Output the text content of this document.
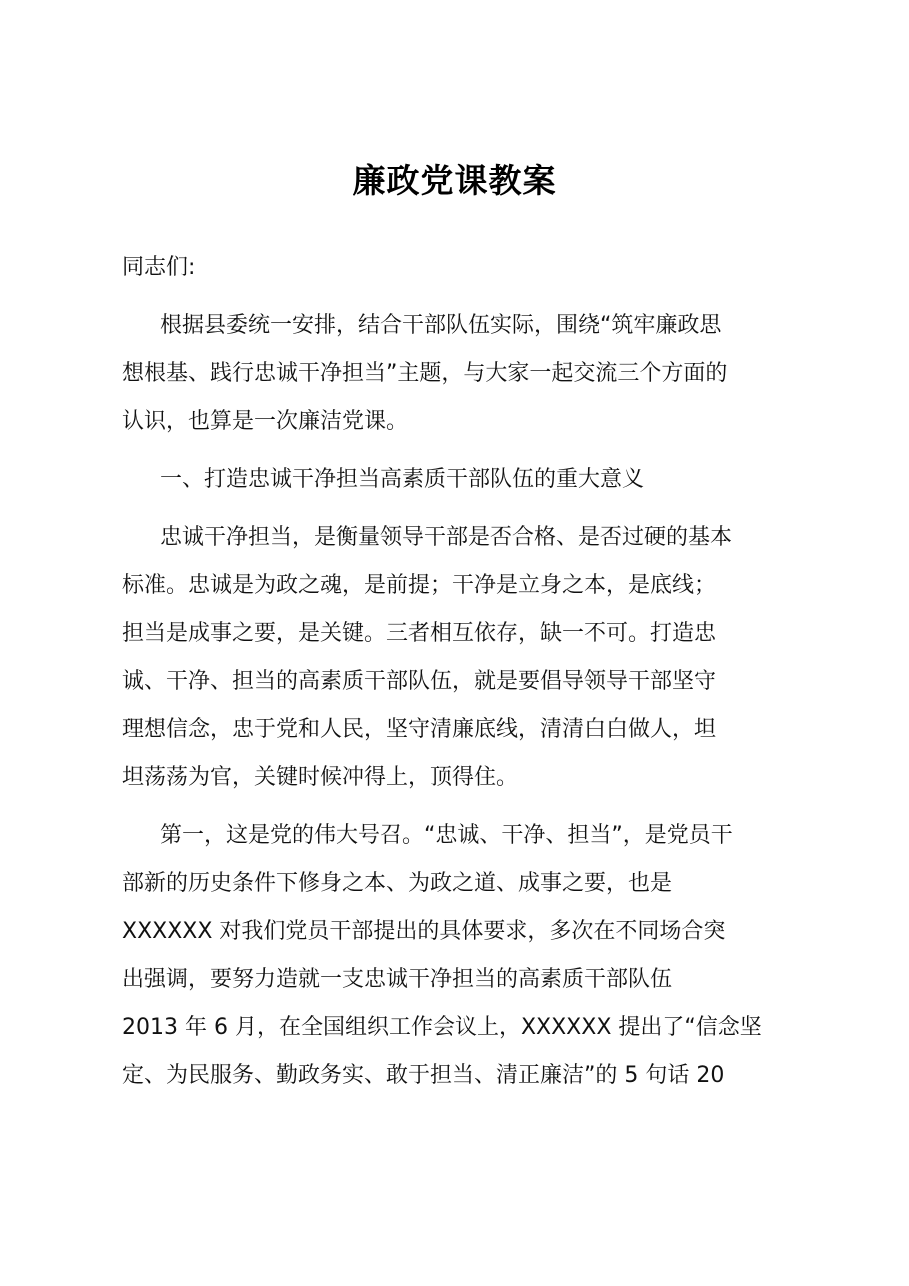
廉政党课教案
同志们:
根据县委统一安排，结合干部队伍实际，围绕“筑牢廉政思
想根基、践行忠诚干净担当”主题，与大家一起交流三个方面的
认识，也算是一次廉洁党课。
一、打造忠诚干净担当高素质干部队伍的重大意义
忠诚干净担当，是衡量领导干部是否合格、是否过硬的基本
标准。忠诚是为政之魂，是前提；干净是立身之本，是底线；
担当是成事之要，是关键。三者相互依存，缺一不可。打造忠
诚、干净、担当的高素质干部队伍，就是要倡导领导干部坚守
理想信念，忠于党和人民，坚守清廉底线，清清白白做人，坦
坦荡荡为官，关键时候冲得上，顶得住。
第一，这是党的伟大号召。“忠诚、干净、担当”，是党员干
部新的历史条件下修身之本、为政之道、成事之要，也是
XXXXXX 对我们党员干部提出的具体要求，多次在不同场合突
出强调，要努力造就一支忠诚干净担当的高素质干部队伍
2013 年 6 月，在全国组织工作会议上，XXXXXX 提出了“信念坚
定、为民服务、勤政务实、敢于担当、清正廉洁”的 5 句话 20
